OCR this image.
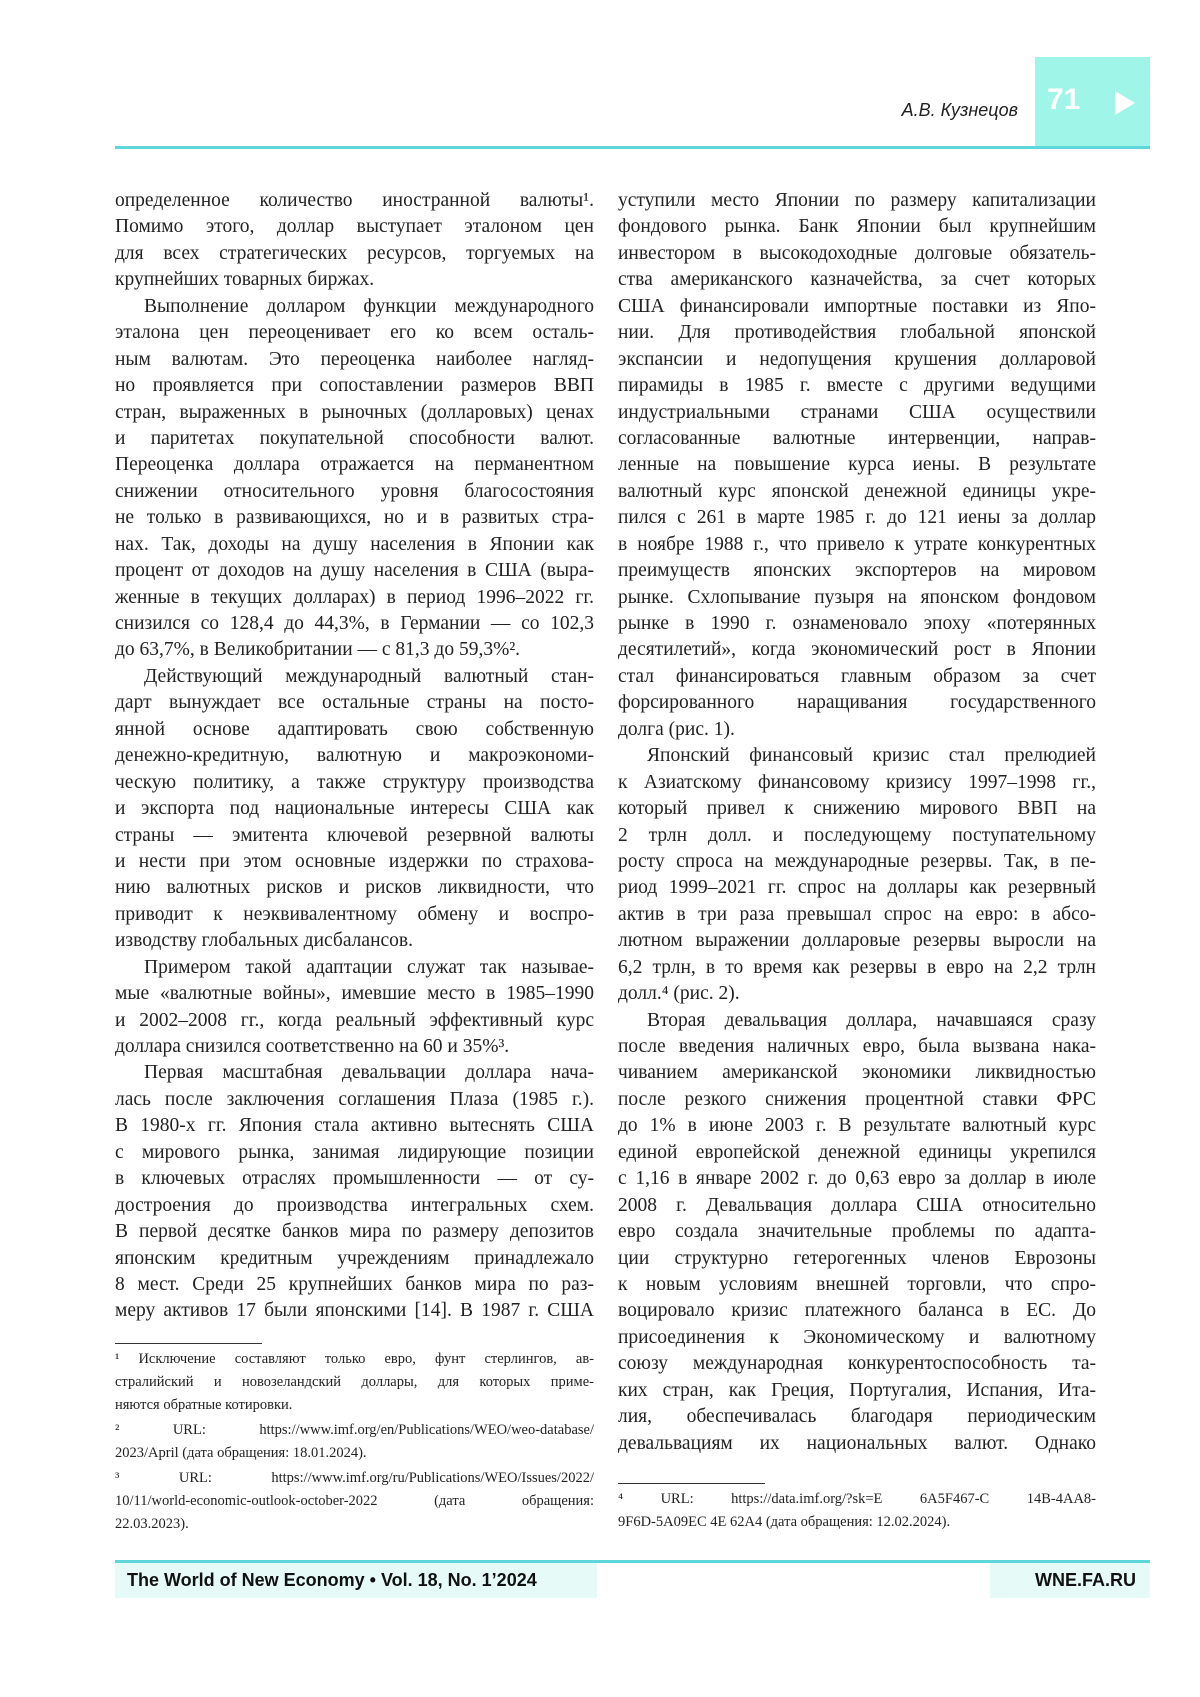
71
А.В. Кузнецов
определенное количество иностранной валюты¹.
Помимо этого, доллар выступает эталоном цен
для всех стратегических ресурсов, торгуемых на
крупнейших товарных биржах.
Выполнение долларом функции международного
эталона цен переоценивает его ко всем осталь-
ным валютам. Это переоценка наиболее нагляд-
но проявляется при сопоставлении размеров ВВП
стран, выраженных в рыночных (долларовых) ценах
и паритетах покупательной способности валют.
Переоценка доллара отражается на перманентном
снижении относительного уровня благосостояния
не только в развивающихся, но и в развитых стра-
нах. Так, доходы на душу населения в Японии как
процент от доходов на душу населения в США (выра-
женные в текущих долларах) в период 1996–2022 гг.
снизился со 128,4 до 44,3%, в Германии — со 102,3
до 63,7%, в Великобритании — с 81,3 до 59,3%².
Действующий международный валютный стан-
дарт вынуждает все остальные страны на посто-
янной основе адаптировать свою собственную
денежно-кредитную, валютную и макроэкономи-
ческую политику, а также структуру производства
и экспорта под национальные интересы США как
страны — эмитента ключевой резервной валюты
и нести при этом основные издержки по страхова-
нию валютных рисков и рисков ликвидности, что
приводит к неэквивалентному обмену и воспро-
изводству глобальных дисбалансов.
Примером такой адаптации служат так называе-
мые «валютные войны», имевшие место в 1985–1990
и 2002–2008 гг., когда реальный эффективный курс
доллара снизился соответственно на 60 и 35%³.
Первая масштабная девальвации доллара нача-
лась после заключения соглашения Плаза (1985 г.).
В 1980-х гг. Япония стала активно вытеснять США
с мирового рынка, занимая лидирующие позиции
в ключевых отраслях промышленности — от су-
достроения до производства интегральных схем.
В первой десятке банков мира по размеру депозитов
японским кредитным учреждениям принадлежало
8 мест. Среди 25 крупнейших банков мира по раз-
меру активов 17 были японскими [14]. В 1987 г. США
уступили место Японии по размеру капитализации
фондового рынка. Банк Японии был крупнейшим
инвестором в высокодоходные долговые обязатель-
ства американского казначейства, за счет которых
США финансировали импортные поставки из Япо-
нии. Для противодействия глобальной японской
экспансии и недопущения крушения долларовой
пирамиды в 1985 г. вместе с другими ведущими
индустриальными странами США осуществили
согласованные валютные интервенции, направ-
ленные на повышение курса иены. В результате
валютный курс японской денежной единицы укре-
пился с 261 в марте 1985 г. до 121 иены за доллар
в ноябре 1988 г., что привело к утрате конкурентных
преимуществ японских экспортеров на мировом
рынке. Схлопывание пузыря на японском фондовом
рынке в 1990 г. ознаменовало эпоху «потерянных
десятилетий», когда экономический рост в Японии
стал финансироваться главным образом за счет
форсированного наращивания государственного
долга (рис. 1).
Японский финансовый кризис стал прелюдией
к Азиатскому финансовому кризису 1997–1998 гг.,
который привел к снижению мирового ВВП на
2 трлн долл. и последующему поступательному
росту спроса на международные резервы. Так, в пе-
риод 1999–2021 гг. спрос на доллары как резервный
актив в три раза превышал спрос на евро: в абсо-
лютном выражении долларовые резервы выросли на
6,2 трлн, в то время как резервы в евро на 2,2 трлн
долл.⁴ (рис. 2).
Вторая девальвация доллара, начавшаяся сразу
после введения наличных евро, была вызвана нака-
чиванием американской экономики ликвидностью
после резкого снижения процентной ставки ФРС
до 1% в июне 2003 г. В результате валютный курс
единой европейской денежной единицы укрепился
с 1,16 в январе 2002 г. до 0,63 евро за доллар в июле
2008 г. Девальвация доллара США относительно
евро создала значительные проблемы по адапта-
ции структурно гетерогенных членов Еврозоны
к новым условиям внешней торговли, что спро-
воцировало кризис платежного баланса в ЕС. До
присоединения к Экономическому и валютному
союзу международная конкурентоспособность та-
ких стран, как Греция, Португалия, Испания, Ита-
лия, обеспечивалась благодаря периодическим
девальвациям их национальных валют. Однако
¹ Исключение составляют только евро, фунт стерлингов, ав-
стралийский и новозеландский доллары, для которых приме-
няются обратные котировки.
² URL: https://www.imf.org/en/Publications/WEO/weo-database/
2023/April (дата обращения: 18.01.2024).
³ URL: https://www.imf.org/ru/Publications/WEO/Issues/2022/
10/11/world-economic-outlook-october-2022 (дата обращения:
22.03.2023).
⁴ URL: https://data.imf.org/?sk=E 6A5F467-C 14B-4AA8-
9F6D-5A09EC 4E 62A4 (дата обращения: 12.02.2024).
The World of New Economy • Vol. 18, No. 1’2024	WNE.FA.RU
